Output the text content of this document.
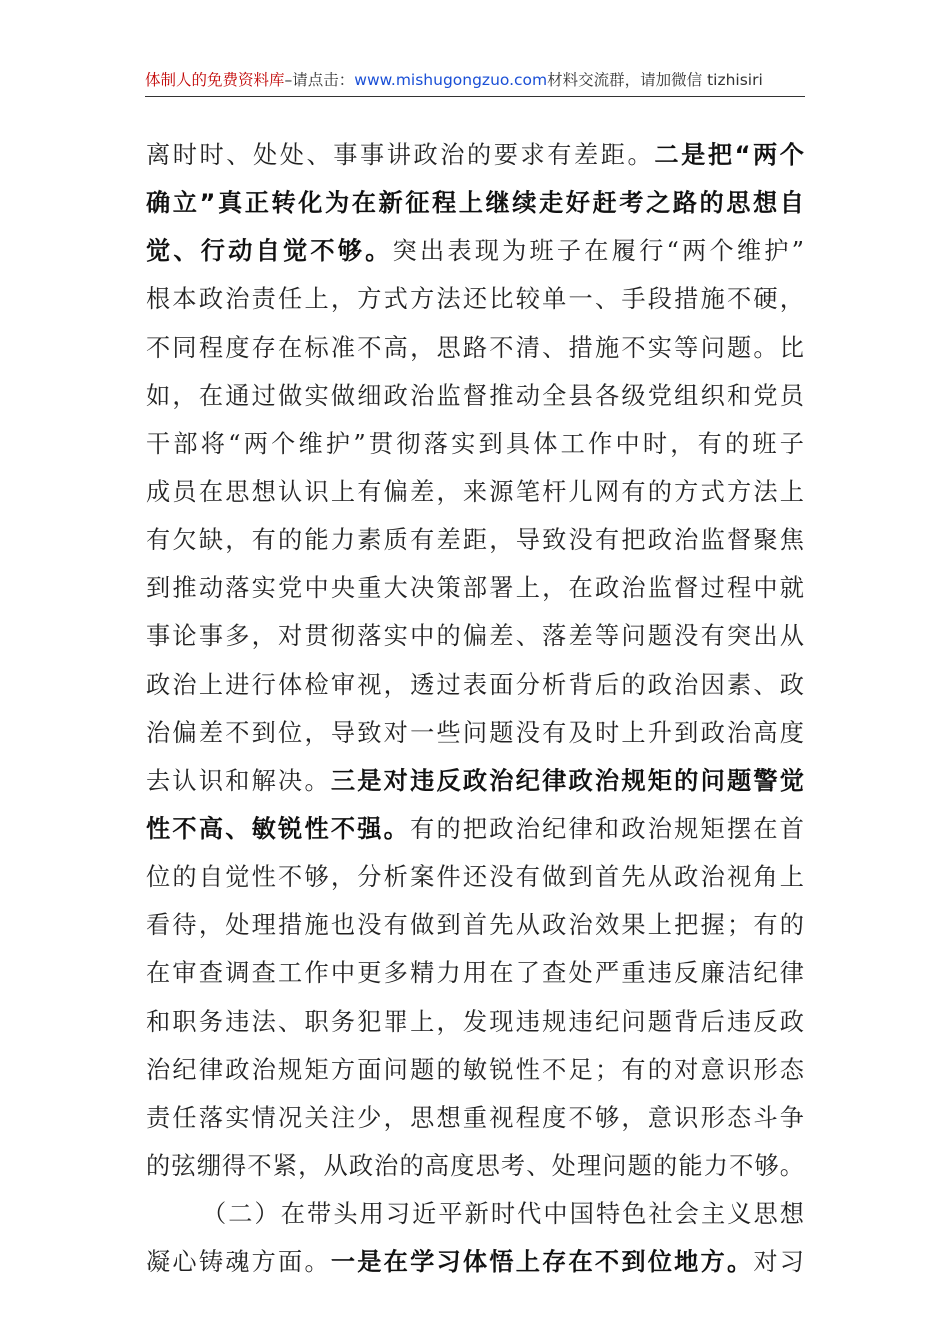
体制人的免费资料库–请点击：www.mishugongzuo.com材料交流群，请加微信 tizhisiri
离时时、处处、事事讲政治的要求有差距。二是把“两个
确立”真正转化为在新征程上继续走好赶考之路的思想自
觉、行动自觉不够。突出表现为班子在履行“两个维护”
根本政治责任上，方式方法还比较单一、手段措施不硬，
不同程度存在标准不高，思路不清、措施不实等问题。比
如，在通过做实做细政治监督推动全县各级党组织和党员
干部将“两个维护”贯彻落实到具体工作中时，有的班子
成员在思想认识上有偏差，来源笔杆儿网有的方式方法上
有欠缺，有的能力素质有差距，导致没有把政治监督聚焦
到推动落实党中央重大决策部署上，在政治监督过程中就
事论事多，对贯彻落实中的偏差、落差等问题没有突出从
政治上进行体检审视，透过表面分析背后的政治因素、政
治偏差不到位，导致对一些问题没有及时上升到政治高度
去认识和解决。三是对违反政治纪律政治规矩的问题警觉
性不高、敏锐性不强。有的把政治纪律和政治规矩摆在首
位的自觉性不够，分析案件还没有做到首先从政治视角上
看待，处理措施也没有做到首先从政治效果上把握；有的
在审查调查工作中更多精力用在了查处严重违反廉洁纪律
和职务违法、职务犯罪上，发现违规违纪问题背后违反政
治纪律政治规矩方面问题的敏锐性不足；有的对意识形态
责任落实情况关注少，思想重视程度不够，意识形态斗争
的弦绷得不紧，从政治的高度思考、处理问题的能力不够。
（二）在带头用习近平新时代中国特色社会主义思想
凝心铸魂方面。一是在学习体悟上存在不到位地方。对习
